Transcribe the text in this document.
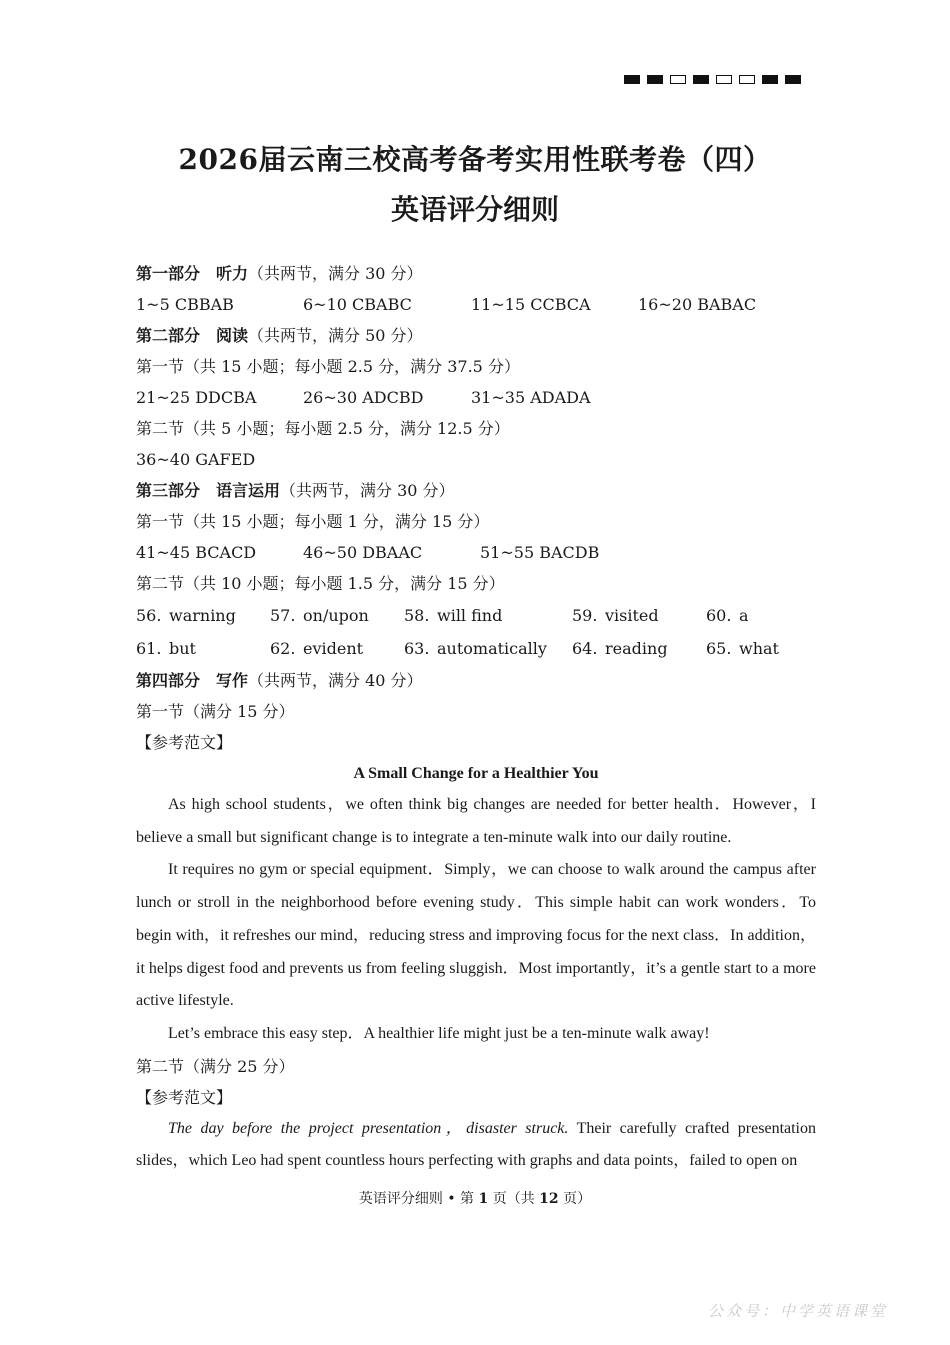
2026届云南三校高考备考实用性联考卷（四）
英语评分细则
第一部分　听力（共两节，满分 30 分）
1~5 CBBAB	6~10 CBABC	11~15 CCBCA	16~20 BABAC
第二部分　阅读（共两节，满分 50 分）
第一节（共 15 小题；每小题 2.5 分，满分 37.5 分）
21~25 DDCBA	26~30 ADCBD	31~35 ADADA
第二节（共 5 小题；每小题 2.5 分，满分 12.5 分）
36~40 GAFED
第三部分　语言运用（共两节，满分 30 分）
第一节（共 15 小题；每小题 1 分，满分 15 分）
41~45 BCACD	46~50 DBAAC	51~55 BACDB
第二节（共 10 小题；每小题 1.5 分，满分 15 分）
56. warning 57. on/upon 58. will find	59. visited	60. a
61. but	62. evident	63. automatically 64. reading 65. what
第四部分　写作（共两节，满分 40 分）
第一节（满分 15 分）
【参考范文】
A Small Change for a Healthier You

As high school students，we often think big changes are needed for better health．However，I believe a small but significant change is to integrate a ten-minute walk into our daily routine.

It requires no gym or special equipment．Simply，we can choose to walk around the campus after lunch or stroll in the neighborhood before evening study．This simple habit can work wonders．To begin with，it refreshes our mind，reducing stress and improving focus for the next class．In addition，it helps digest food and prevents us from feeling sluggish．Most importantly，it’s a gentle start to a more active lifestyle.

Let’s embrace this easy step．A healthier life might just be a ten-minute walk away!

第二节（满分 25 分）
【参考范文】

The day before the project presentation，disaster struck. Their carefully crafted presentation slides，which Leo had spent countless hours perfecting with graphs and data points，failed to open on

英语评分细则 • 第 1 页（共 12 页）
公众号：中学英语课堂
